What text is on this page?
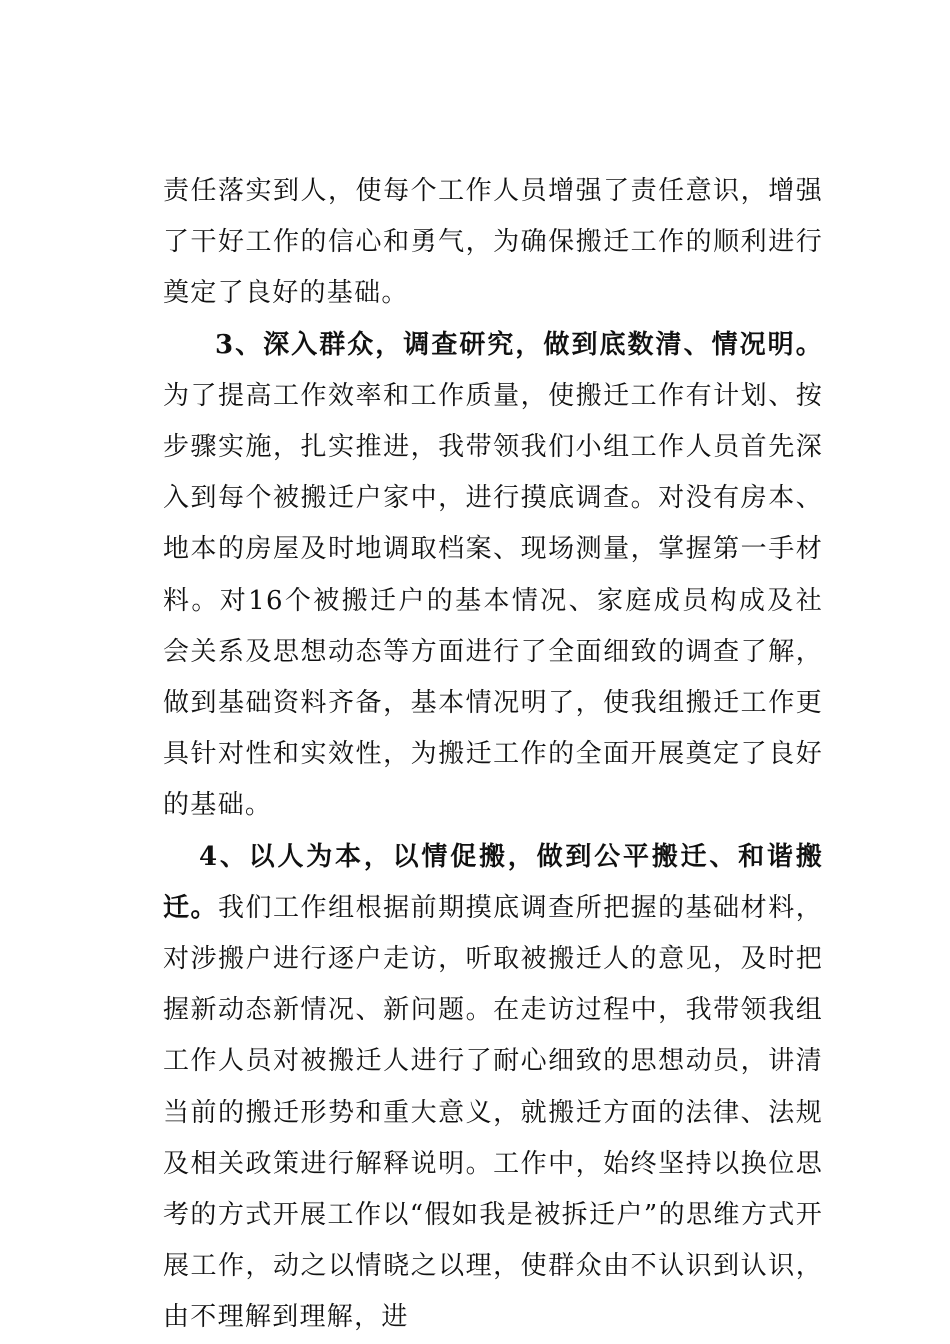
责任落实到人，使每个工作人员增强了责任意识，增强了干好工作的信心和勇气，为确保搬迁工作的顺利进行奠定了良好的基础。

3、深入群众，调查研究，做到底数清、情况明。为了提高工作效率和工作质量，使搬迁工作有计划、按步骤实施，扎实推进，我带领我们小组工作人员首先深入到每个被搬迁户家中，进行摸底调查。对没有房本、地本的房屋及时地调取档案、现场测量，掌握第一手材料。对16个被搬迁户的基本情况、家庭成员构成及社会关系及思想动态等方面进行了全面细致的调查了解，做到基础资料齐备，基本情况明了，使我组搬迁工作更具针对性和实效性，为搬迁工作的全面开展奠定了良好的基础。

4、以人为本，以情促搬，做到公平搬迁、和谐搬迁。我们工作组根据前期摸底调查所把握的基础材料，对涉搬户进行逐户走访，听取被搬迁人的意见，及时把握新动态新情况、新问题。在走访过程中，我带领我组工作人员对被搬迁人进行了耐心细致的思想动员，讲清当前的搬迁形势和重大意义，就搬迁方面的法律、法规及相关政策进行解释说明。工作中，始终坚持以换位思考的方式开展工作以“假如我是被拆迁户”的思维方式开展工作，动之以情晓之以理，使群众由不认识到认识，由不理解到理解，进
